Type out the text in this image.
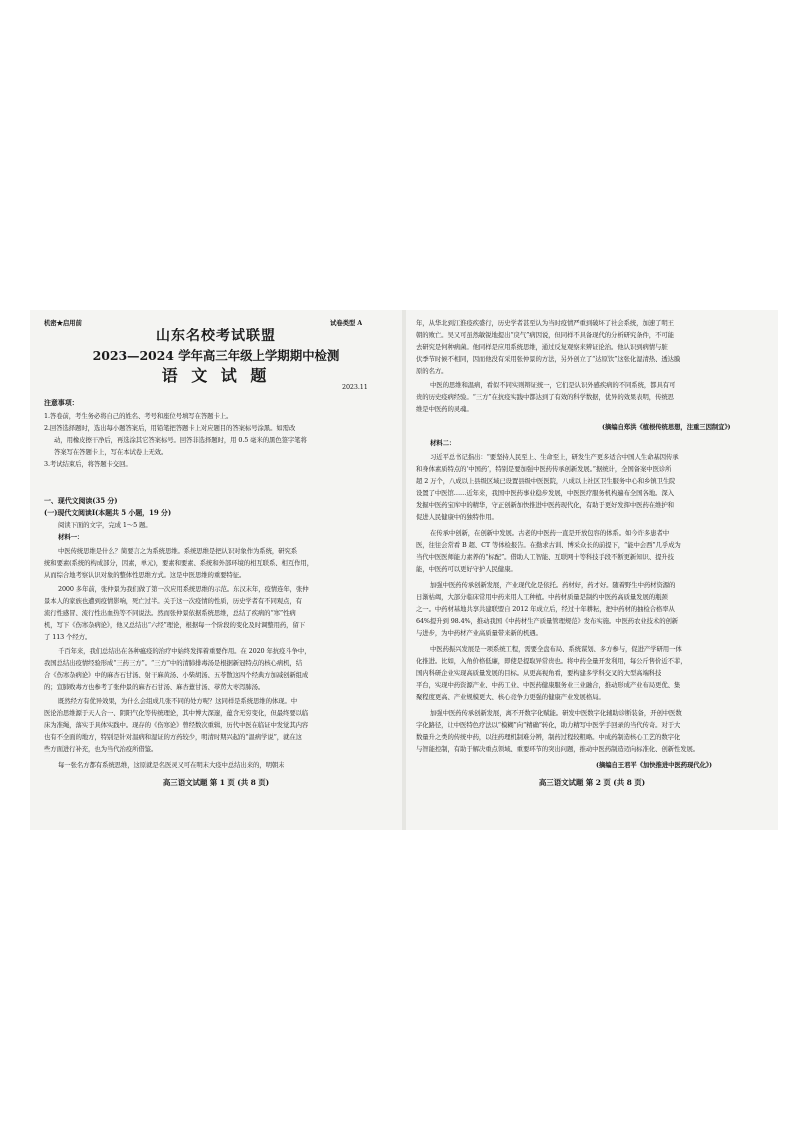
机密★启用前	试卷类型 A
山东名校考试联盟
2023—2024 学年高三年级上学期期中检测
语 文 试 题
2023.11
注意事项：
1.答卷前，考生务必将自己的姓名、考号和座位号填写在答题卡上。
2.回答选择题时，选出每小题答案后，用铅笔把答题卡上对应题目的答案标号涂黑。如需改
动，用橡皮擦干净后，再选涂其它答案标号。回答非选择题时，用 0.5 毫米的黑色签字笔将
答案写在答题卡上，写在本试卷上无效。
3.考试结束后，将答题卡交回。
一、现代文阅读(35 分)
(一)现代文阅读Ⅰ(本题共 5 小题，19 分)
阅读下面的文字，完成 1～5 题。
材料一：
中医传统思维是什么？简要言之为系统思维。系统思维是把认识对象作为系统，研究系
统和要素(系统的构成部分，因素，单元)，要素和要素、系统和外部环境的相互联系、相互作用，
从而综合地考察认识对象的整体性思维方式。这是中医思维的重要特征。
2000 多年前，张仲景为我们做了第一次应用系统思维的示范。东汉末年，疫情连年，张仲
景本人的家族也遭到疫情影响，死亡过半。关于这一次疫情的性质，历史学者有不同观点，有
流行性感冒、流行性出血热等不同说法。然而张仲景依据系统思维，总结了疾病的“寒”性病
机，写下《伤寒杂病论》，他又总结出“六经”理论，根据每一个阶段的变化及时调整用药，留下
了 113 个经方。
千百年来，我们总结出在各种瘟疫的治疗中始终发挥着重要作用。在 2020 年抗疫斗争中，
我国总结出疫情经验形成“三药三方”。“三方”中的清肺排毒汤是根据新冠特点的核心病机，结
合《伤寒杂病论》中的麻杏石甘汤、射干麻黄汤、小柴胡汤、五苓散这四个经典方加减创新组成
的；宣肺败毒方也参考了张仲景的麻杏石甘汤、麻杏薏甘汤、葶苈大枣泻肺汤。
既然经方有优异效果，为什么会组成几张不同的处方呢？这同样是系统思维的体现。中
医论治思维源于天人合一、阴阳气化等传统理论，其中博大深邃，蕴含无穷变化，但最终要以临
床为准绳，落实于具体实践中。现存的《伤寒论》曾经数次重辑，历代中医在临证中发觉其内容
也有不全面的地方，特别是针对温病和湿证的方药较少，明清时期兴起的“温病学说”，就在这
些方面进行补充，也为当代治疫所借鉴。
每一张名方都有系统思维，这原就是名医灵又可在明末大疫中总结出来的，明朝末
高三语文试题 第 1 页 (共 8 页)
年，从华北到江淮疫疾盛行，历史学者甚至认为当时疫情严重到破坏了社会系统，加速了明王
朝的败亡。吴又可虽然敏锐地提出“戾气”病因说，但同样不具备现代的分析研究条件，不可能
去研究是何种病菌。他同样是应用系统思维，通过反复观察来辨证论治。他认识到病情与脏
伏季节时候不相同，因而他没有采用张仲景的方法，另外创立了“达原饮”这张化湿清热、透达膜
原的名方。
中医的思维和温病，看似不同实则辩证统一，它们是认识外感疾病的不同系统，都具有可
贵的历史疫病经验。“三方”在抗疫实践中都达到了有效的科学数据，优异的效果表明，传统思
维是中医药的灵魂。
(摘编自郑洪《植根传统思想，注重三因制宜》)
材料二：
习近平总书记指出：“要坚持人民至上、生命至上，研发生产更多适合中国人生命基因传承
和身体素质特点的‘中国药’，特别是要加强中医药传承创新发展。”据统计，全国备案中医诊所
超 2 万个，八成以上县级区域已设置县级中医医院，八成以上社区卫生服务中心和乡镇卫生院
设置了中医馆……近年来，我国中医药事业稳步发展，中医医疗服务机构遍布全国各地。深入
发掘中医药宝库中的精华，守正创新加快推进中医药现代化，有助于更好发挥中医药在维护和
促进人民健康中的独特作用。
在传承中创新，在创新中发展。古老的中医药一直是开放包容的体系。如今许多患者中
医，往往会常看 B 超、CT 等体检报告。在勤求古训、博采众长的前提下，“能中会西”几乎成为
当代中医医师能力素养的“标配”。借助人工智能、互联网十等科技手段不断更新知识、提升技
能，中医药可以更好守护人民健康。
加强中医药传承创新发展，产业现代化是依托。药材好，药才好。随着野生中药材资源的
日渐枯竭，大部分临床常用中药来用人工种植。中药材质量是制约中医药高质量发展的瓶颈
之一。中药材基地共享共建联盟自 2012 年成立后，经过十年耕耘，把中药材的抽检合格率从
64%提升到 98.4%，推动我国《中药材生产质量管理规范》发布实施。中医药农业技术的创新
与进步，为中药材产业高质量带来新的机遇。
中医药振兴发展是一项系统工程，需要全盘布局、系统谋划、多方参与，促进产学研用一体
化推进。比如，入角价格低廉，即使是提取异常贵也。将中药全量开发利用，每公斤售价近不菲，
国内科研企业实现高质量发展的目标。从更高视角看，要构建多学科交叉的大型高端科技
平台，实现中药资源产业、中药工业、中医药健康服务业三业融合，推动形成产业布局更优、集
聚程度更高、产业规模更大、核心竞争力更强的健康产业发展格局。
加强中医药传承创新发展，离不开数字化赋能。研发中医数字化辅助诊断装备，开创中医数
字化路径，让中医特色疗法以“模糊”向“精确”转化，助力精写中医学手回录的当代传奇。对于大
数量升之类的传统中药，以往药理机制难分辨，制药过程较粗略。中成药制造核心工艺的数字化
与智能控制，有助于解决重点领域、重要环节的突出问题，推动中医药制造迈向标准化、创新性发展。
(摘编自王君平《加快推进中医药现代化》)
高三语文试题 第 2 页 (共 8 页)
